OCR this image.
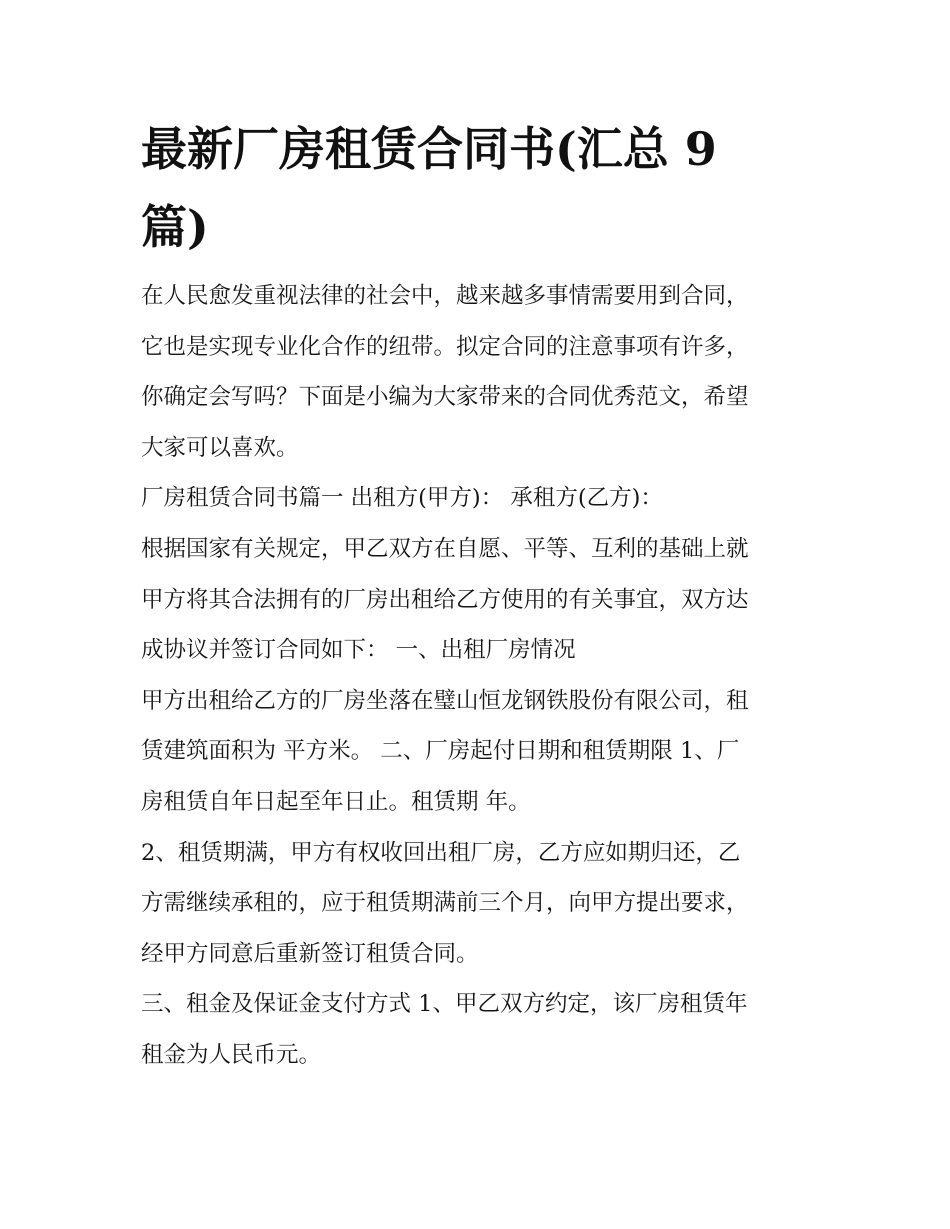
最新厂房租赁合同书(汇总 9
篇)

在人民愈发重视法律的社会中，越来越多事情需要用到合同，
它也是实现专业化合作的纽带。拟定合同的注意事项有许多，
你确定会写吗？下面是小编为大家带来的合同优秀范文，希望
大家可以喜欢。

厂房租赁合同书篇一 出租方(甲方)： 承租方(乙方)：

根据国家有关规定，甲乙双方在自愿、平等、互利的基础上就
甲方将其合法拥有的厂房出租给乙方使用的有关事宜，双方达
成协议并签订合同如下： 一、出租厂房情况

甲方出租给乙方的厂房坐落在璧山恒龙钢铁股份有限公司，租
赁建筑面积为 平方米。 二、厂房起付日期和租赁期限 1、厂
房租赁自年日起至年日止。租赁期 年。

2、租赁期满，甲方有权收回出租厂房，乙方应如期归还，乙
方需继续承租的，应于租赁期满前三个月，向甲方提出要求，
经甲方同意后重新签订租赁合同。

三、租金及保证金支付方式 1、甲乙双方约定，该厂房租赁年
租金为人民币元。
